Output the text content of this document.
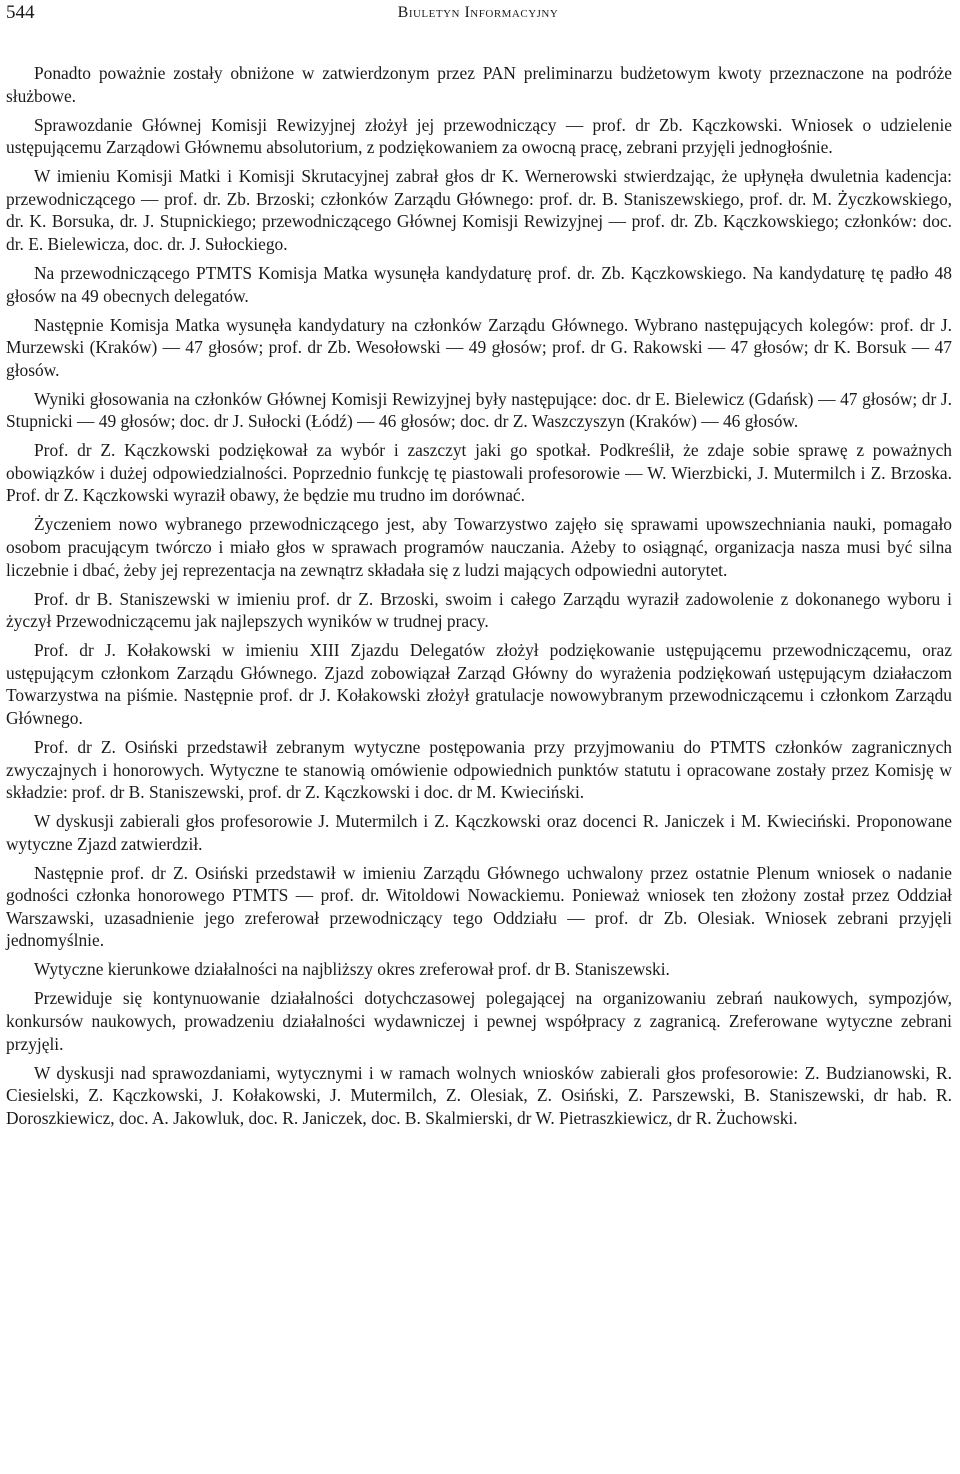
544	Biuletyn Informacyjny

Ponadto poważnie zostały obniżone w zatwierdzonym przez PAN preliminarzu budżetowym kwoty przeznaczone na podróże służbowe.

Sprawozdanie Głównej Komisji Rewizyjnej złożył jej przewodniczący — prof. dr Zb. Kączkowski. Wniosek o udzielenie ustępującemu Zarządowi Głównemu absolutorium, z podziękowaniem za owocną pracę, zebrani przyjęli jednogłośnie.

W imieniu Komisji Matki i Komisji Skrutacyjnej zabrał głos dr K. Wernerowski stwierdzając, że upłynęła dwuletnia kadencja: przewodniczącego — prof. dr. Zb. Brzoski; członków Zarządu Głównego: prof. dr. B. Staniszewskiego, prof. dr. M. Życzkowskiego, dr. K. Borsuka, dr. J. Stupnickiego; przewodniczącego Głównej Komisji Rewizyjnej — prof. dr. Zb. Kączkowskiego; członków: doc. dr. E. Bielewicza, doc. dr. J. Sułockiego.

Na przewodniczącego PTMTS Komisja Matka wysunęła kandydaturę prof. dr. Zb. Kączkowskiego. Na kandydaturę tę padło 48 głosów na 49 obecnych delegatów.

Następnie Komisja Matka wysunęła kandydatury na członków Zarządu Głównego. Wybrano następujących kolegów: prof. dr J. Murzewski (Kraków) — 47 głosów; prof. dr Zb. Wesołowski — 49 głosów; prof. dr G. Rakowski — 47 głosów; dr K. Borsuk — 47 głosów.

Wyniki głosowania na członków Głównej Komisji Rewizyjnej były następujące: doc. dr E. Bielewicz (Gdańsk) — 47 głosów; dr J. Stupnicki — 49 głosów; doc. dr J. Sułocki (Łódź) — 46 głosów; doc. dr Z. Waszczyszyn (Kraków) — 46 głosów.

Prof. dr Z. Kączkowski podziękował za wybór i zaszczyt jaki go spotkał. Podkreślił, że zdaje sobie sprawę z poważnych obowiązków i dużej odpowiedzialności. Poprzednio funkcję tę piastowali profesorowie — W. Wierzbicki, J. Mutermilch i Z. Brzoska. Prof. dr Z. Kączkowski wyraził obawy, że będzie mu trudno im dorównać.

Życzeniem nowo wybranego przewodniczącego jest, aby Towarzystwo zajęło się sprawami upowszechniania nauki, pomagało osobom pracującym twórczo i miało głos w sprawach programów nauczania. Ażeby to osiągnąć, organizacja nasza musi być silna liczebnie i dbać, żeby jej reprezentacja na zewnątrz składała się z ludzi mających odpowiedni autorytet.

Prof. dr B. Staniszewski w imieniu prof. dr Z. Brzoski, swoim i całego Zarządu wyraził zadowolenie z dokonanego wyboru i życzył Przewodniczącemu jak najlepszych wyników w trudnej pracy.

Prof. dr J. Kołakowski w imieniu XIII Zjazdu Delegatów złożył podziękowanie ustępującemu przewodniczącemu, oraz ustępującym członkom Zarządu Głównego. Zjazd zobowiązał Zarząd Główny do wyrażenia podziękowań ustępującym działaczom Towarzystwa na piśmie. Następnie prof. dr J. Kołakowski złożył gratulacje nowowybranym przewodniczącemu i członkom Zarządu Głównego.

Prof. dr Z. Osiński przedstawił zebranym wytyczne postępowania przy przyjmowaniu do PTMTS członków zagranicznych zwyczajnych i honorowych. Wytyczne te stanowią omówienie odpowiednich punktów statutu i opracowane zostały przez Komisję w składzie: prof. dr B. Staniszewski, prof. dr Z. Kączkowski i doc. dr M. Kwieciński.

W dyskusji zabierali głos profesorowie J. Mutermilch i Z. Kączkowski oraz docenci R. Janiczek i M. Kwieciński. Proponowane wytyczne Zjazd zatwierdził.

Następnie prof. dr Z. Osiński przedstawił w imieniu Zarządu Głównego uchwalony przez ostatnie Plenum wniosek o nadanie godności członka honorowego PTMTS — prof. dr. Witoldowi Nowackiemu. Ponieważ wniosek ten złożony został przez Oddział Warszawski, uzasadnienie jego zreferował przewodniczący tego Oddziału — prof. dr Zb. Olesiak. Wniosek zebrani przyjęli jednomyślnie.

Wytyczne kierunkowe działalności na najbliższy okres zreferował prof. dr B. Staniszewski.

Przewiduje się kontynuowanie działalności dotychczasowej polegającej na organizowaniu zebrań naukowych, sympozjów, konkursów naukowych, prowadzeniu działalności wydawniczej i pewnej współpracy z zagranicą. Zreferowane wytyczne zebrani przyjęli.

W dyskusji nad sprawozdaniami, wytycznymi i w ramach wolnych wniosków zabierali głos profesorowie: Z. Budzianowski, R. Ciesielski, Z. Kączkowski, J. Kołakowski, J. Mutermilch, Z. Olesiak, Z. Osiński, Z. Parszewski, B. Staniszewski, dr hab. R. Doroszkiewicz, doc. A. Jakowluk, doc. R. Janiczek, doc. B. Skalmierski, dr W. Pietraszkiewicz, dr R. Żuchowski.
